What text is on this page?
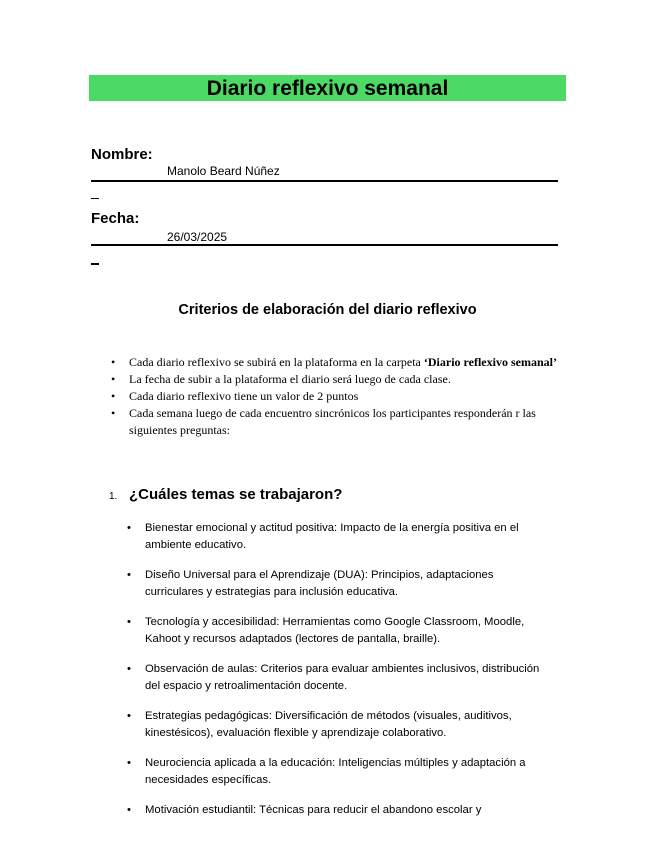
Diario reflexivo semanal
Nombre:
Manolo Beard Núñez
Fecha:
26/03/2025
Criterios de elaboración del diario reflexivo
• Cada diario reflexivo se subirá en la plataforma en la carpeta ‘Diario reflexivo semanal’
• La fecha de subir a la plataforma el diario será luego de cada clase.
• Cada diario reflexivo tiene un valor de 2 puntos
• Cada semana luego de cada encuentro sincrónicos los participantes responderán r las siguientes preguntas:
1. ¿Cuáles temas se trabajaron?
• Bienestar emocional y actitud positiva: Impacto de la energía positiva en el ambiente educativo.
• Diseño Universal para el Aprendizaje (DUA): Principios, adaptaciones curriculares y estrategias para inclusión educativa.
• Tecnología y accesibilidad: Herramientas como Google Classroom, Moodle, Kahoot y recursos adaptados (lectores de pantalla, braille).
• Observación de aulas: Criterios para evaluar ambientes inclusivos, distribución del espacio y retroalimentación docente.
• Estrategias pedagógicas: Diversificación de métodos (visuales, auditivos, kinestésicos), evaluación flexible y aprendizaje colaborativo.
• Neurociencia aplicada a la educación: Inteligencias múltiples y adaptación a necesidades específicas.
• Motivación estudiantil: Técnicas para reducir el abandono escolar y
